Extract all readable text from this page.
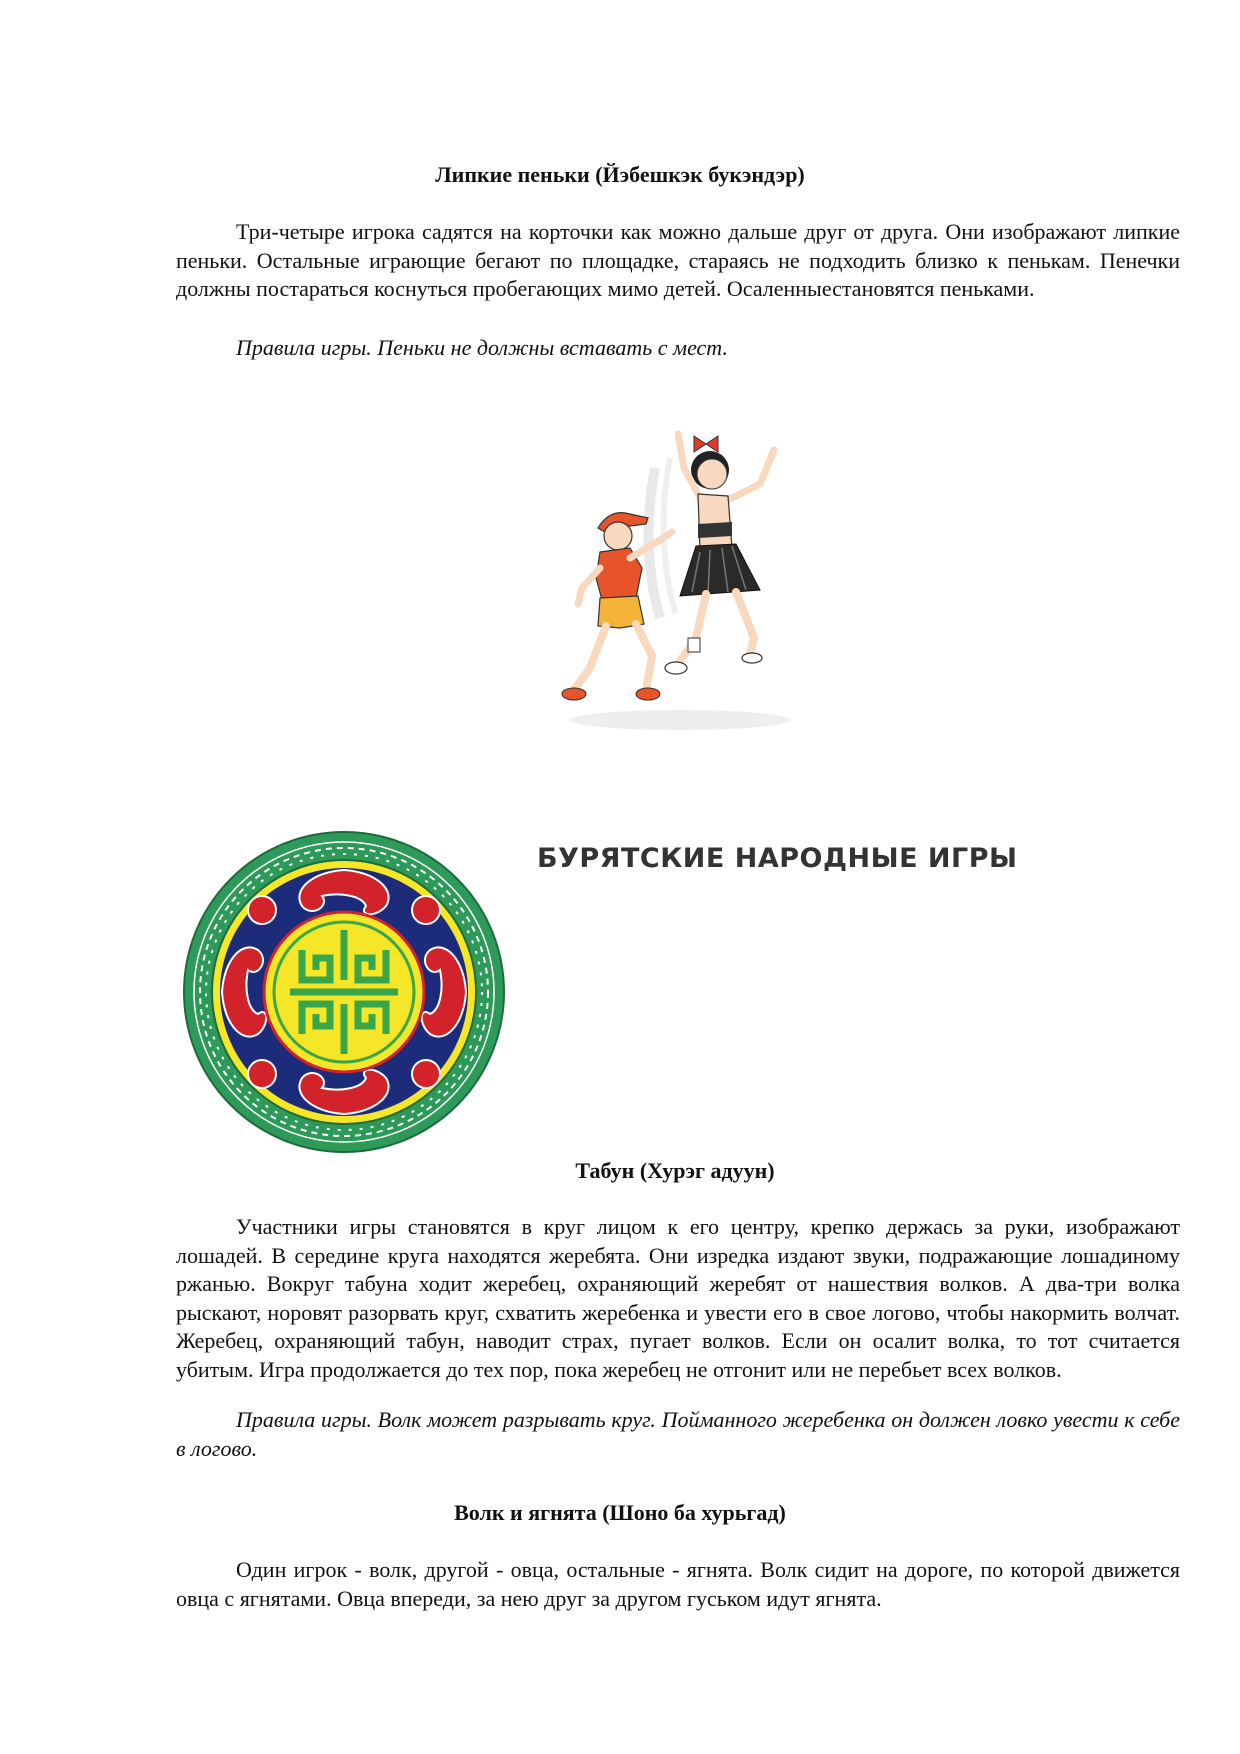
Липкие пеньки (Йэбешкэк букэндэр)

Три-четыре игрока садятся на корточки как можно дальше друг от друга. Они изображают липкие пеньки. Остальные играющие бегают по площадке, стараясь не подходить близко к пенькам. Пенечки должны постараться коснуться пробегающих мимо детей. Осаленныестановятся пеньками.

Правила игры. Пеньки не должны вставать с мест.

БУРЯТСКИЕ НАРОДНЫЕ ИГРЫ
Табун (Хурэг адуун)

Участники игры становятся в круг лицом к его центру, крепко держась за руки, изображают лошадей. В середине круга находятся жеребята. Они изредка издают звуки, подражающие лошадиному ржанью. Вокруг табуна ходит жеребец, охраняющий жеребят от нашествия волков. А два-три волка рыскают, норовят разорвать круг, схватить жеребенка и увести его в свое логово, чтобы накормить волчат. Жеребец, охраняющий табун, наводит страх, пугает волков. Если он осалит волка, то тот считается убитым. Игра продолжается до тех пор, пока жеребец не отгонит или не перебьет всех волков.

Правила игры. Волк может разрывать круг. Пойманного жеребенка он должен ловко увести к себе в логово.

Волк и ягнята (Шоно ба хурьгад)

Один игрок - волк, другой - овца, остальные - ягнята. Волк сидит на дороге, по которой движется овца с ягнятами. Овца впереди, за нею друг за другом гуськом идут ягнята.
